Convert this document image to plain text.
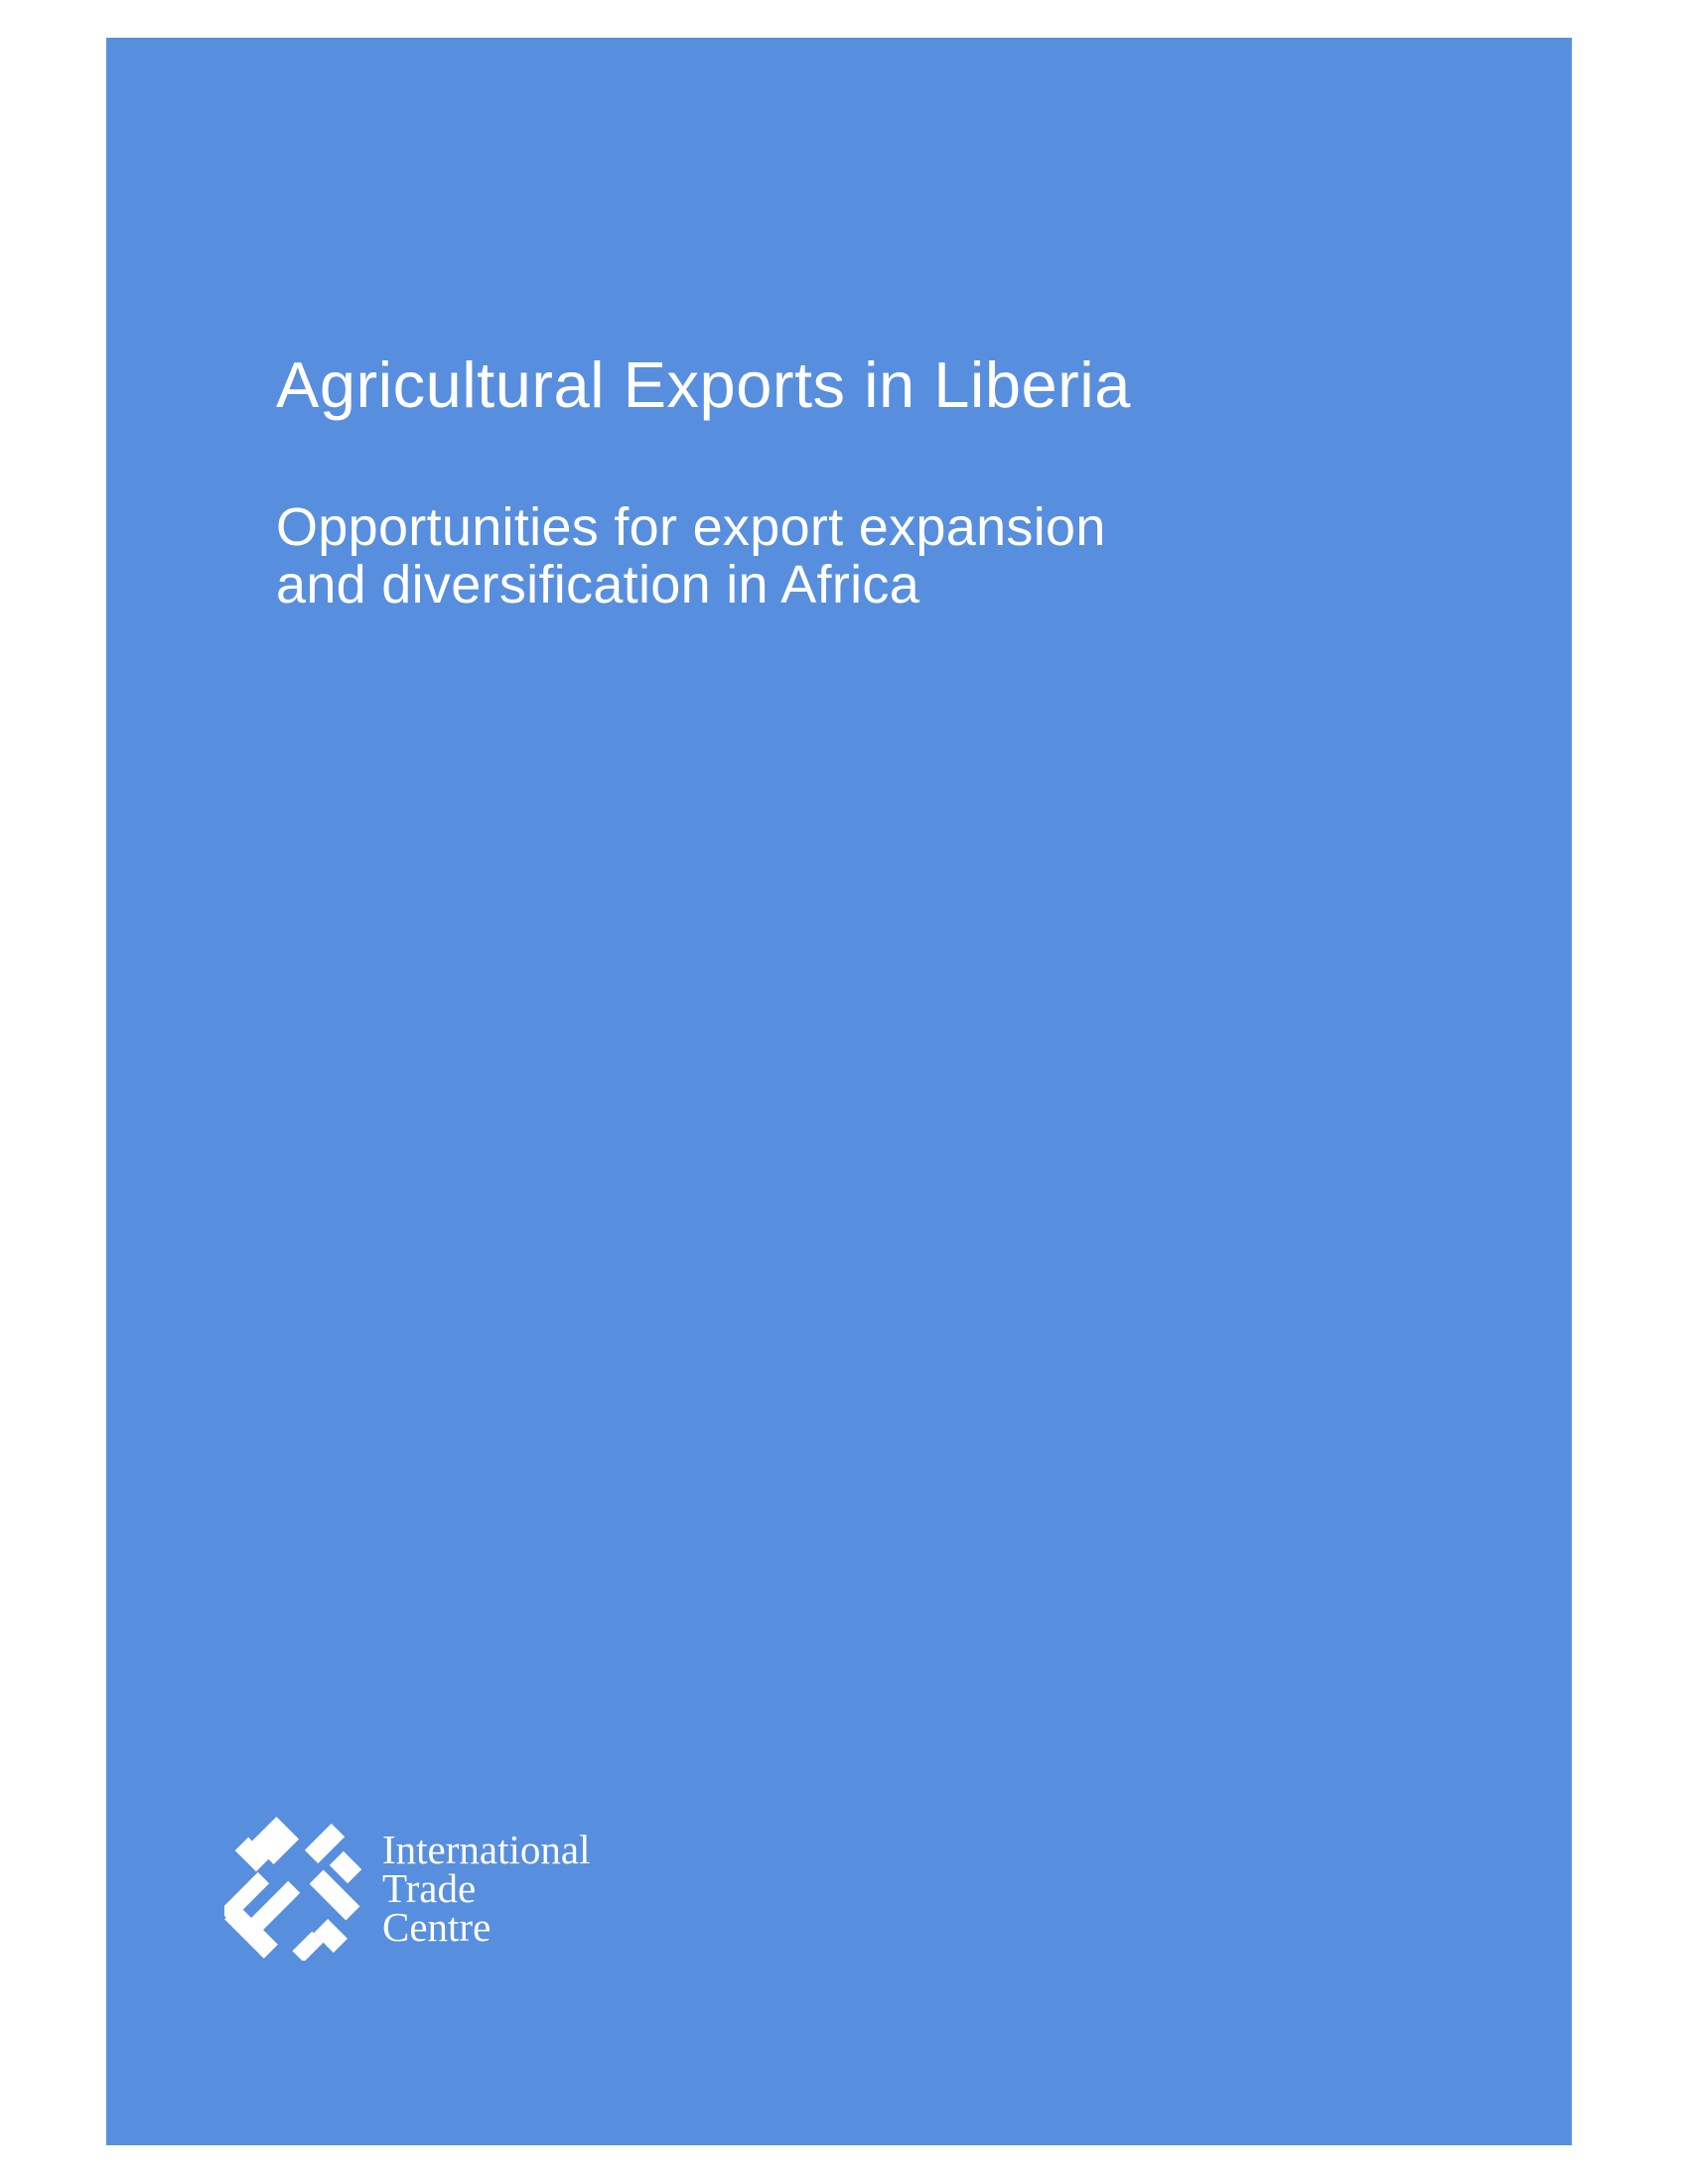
Agricultural Exports in Liberia
Opportunities for export expansion
and diversification in Africa
International
Trade
Centre
